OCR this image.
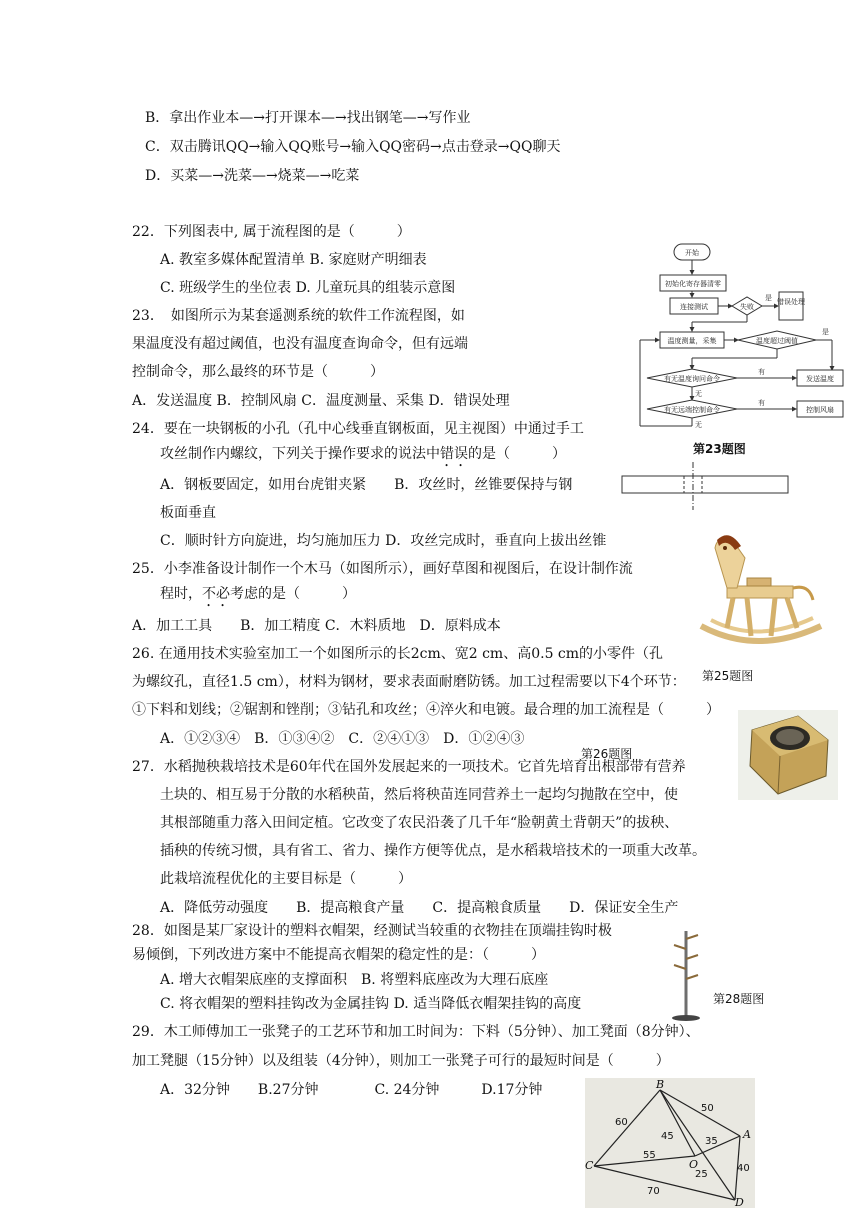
B．拿出作业本—→打开课本—→找出钢笔—→写作业
C．双击腾讯QQ→输入QQ账号→输入QQ密码→点击登录→QQ聊天
D．买菜—→洗菜—→烧菜—→吃菜
22．下列图表中, 属于流程图的是（　　　）
A. 教室多媒体配置清单 B. 家庭财产明细表
C. 班级学生的坐位表 D. 儿童玩具的组装示意图
23．　如图所示为某套遥测系统的软件工作流程图，如
果温度没有超过阈值，也没有温度查询命令，但有远端
控制命令，那么最终的环节是（　　　）
A．发送温度 B．控制风扇 C．温度测量、采集 D．错误处理
24．要在一块钢板的小孔（孔中心线垂直钢板面，见主视图）中通过手工
攻丝制作内螺纹，下列关于操作要求的说法中错误的是（　　　）
A．钢板要固定，如用台虎钳夹紧　　B．攻丝时，丝锥要保持与钢
板面垂直
C．顺时针方向旋进，均匀施加压力 D．攻丝完成时，垂直向上拔出丝锥
25．小李准备设计制作一个木马（如图所示），画好草图和视图后，在设计制作流
程时，不必考虑的是（　　　）
A．加工工具　　B．加工精度 C．木料质地　D．原料成本
26. 在通用技术实验室加工一个如图所示的长2cm、宽2 cm、高0.5 cm的小零件（孔
为螺纹孔，直径1.5 cm），材料为钢材，要求表面耐磨防锈。加工过程需要以下4个环节：
①下料和划线；②锯割和锉削；③钻孔和攻丝；④淬火和电镀。最合理的加工流程是（　　　）
A．①②③④　B．①③④②　C．②④①③　D．①②④③
27．水稻抛秧栽培技术是60年代在国外发展起来的一项技术。它首先培育出根部带有营养
土块的、相互易于分散的水稻秧苗，然后将秧苗连同营养土一起均匀抛散在空中，使
其根部随重力落入田间定植。它改变了农民沿袭了几千年“脸朝黄土背朝天”的拔秧、
插秧的传统习惯，具有省工、省力、操作方便等优点，是水稻栽培技术的一项重大改革。
此栽培流程优化的主要目标是（　　　）
A．降低劳动强度　　B．提高粮食产量　　C．提高粮食质量　　D．保证安全生产
28．如图是某厂家设计的塑料衣帽架，经测试当较重的衣物挂在顶端挂钩时极
易倾倒，下列改进方案中不能提高衣帽架的稳定性的是：（　　　）
A. 增大衣帽架底座的支撑面积　B. 将塑料底座改为大理石底座
C. 将衣帽架的塑料挂钩改为金属挂钩 D. 适当降低衣帽架挂钩的高度
29．木工师傅加工一张凳子的工艺环节和加工时间为：下料（5分钟）、加工凳面（8分钟）、
加工凳腿（15分钟）以及组装（4分钟），则加工一张凳子可行的最短时间是（　　　）
A．32分钟　　B.27分钟　　　　C. 24分钟　　　D.17分钟
开始
初始化寄存器清零
连接测试	失败
是 错误处理
温度测量，采集	温度超过阈值
是
有无温度询问命令
有
发送温度
无
有无远端控制命令
有
控制风扇
无
第23题图
第25题图
第26题图
第28题图
B
A
C	O
D
60
50
45	35
55
25
40
70
